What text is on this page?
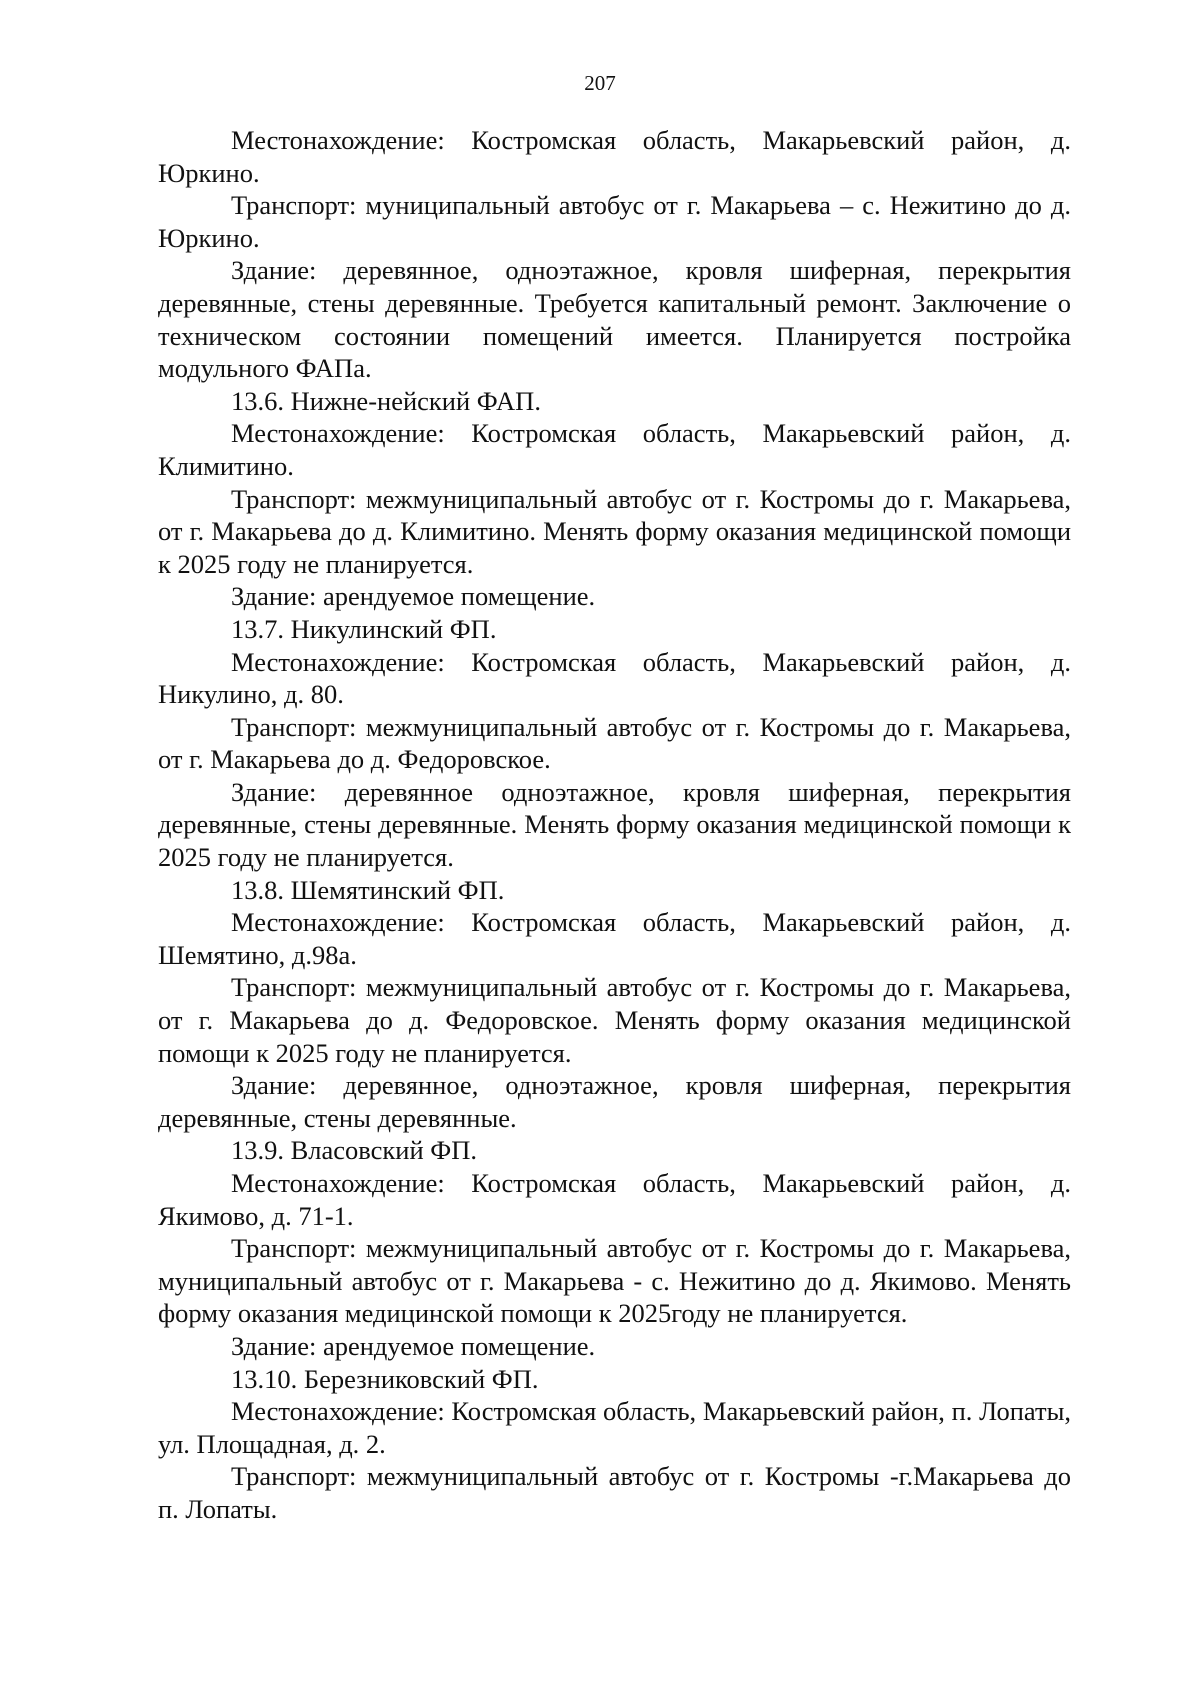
207

Местонахождение: Костромская область, Макарьевский район, д. Юркино.

Транспорт: муниципальный автобус от г. Макарьева – с. Нежитино до д. Юркино.

Здание: деревянное, одноэтажное, кровля шиферная, перекрытия деревянные, стены деревянные. Требуется капитальный ремонт. Заключение о техническом состоянии помещений имеется. Планируется постройка модульного ФАПа.

13.6. Нижне-нейский ФАП.

Местонахождение: Костромская область, Макарьевский район, д. Климитино.

Транспорт: межмуниципальный автобус от г. Костромы до г. Макарьева, от г. Макарьева до д. Климитино. Менять форму оказания медицинской помощи к 2025 году не планируется.

Здание: арендуемое помещение.

13.7. Никулинский ФП.

Местонахождение: Костромская область, Макарьевский район, д. Никулино, д. 80.

Транспорт: межмуниципальный автобус от г. Костромы до г. Макарьева, от г. Макарьева до д. Федоровское.

Здание: деревянное одноэтажное, кровля шиферная, перекрытия деревянные, стены деревянные. Менять форму оказания медицинской помощи к 2025 году не планируется.

13.8. Шемятинский ФП.

Местонахождение: Костромская область, Макарьевский район, д. Шемятино, д.98а.

Транспорт: межмуниципальный автобус от г. Костромы до г. Макарьева, от г. Макарьева до д. Федоровское. Менять форму оказания медицинской помощи к 2025 году не планируется.

Здание: деревянное, одноэтажное, кровля шиферная, перекрытия деревянные, стены деревянные.

13.9. Власовский ФП.

Местонахождение: Костромская область, Макарьевский район, д. Якимово, д. 71-1.

Транспорт: межмуниципальный автобус от г. Костромы до г. Макарьева, муниципальный автобус от г. Макарьева - с. Нежитино до д. Якимово. Менять форму оказания медицинской помощи к 2025году не планируется.

Здание: арендуемое помещение.

13.10. Березниковский ФП.

Местонахождение: Костромская область, Макарьевский район, п. Лопаты, ул. Площадная, д. 2.

Транспорт: межмуниципальный автобус от г. Костромы -г.Макарьева до п. Лопаты.
